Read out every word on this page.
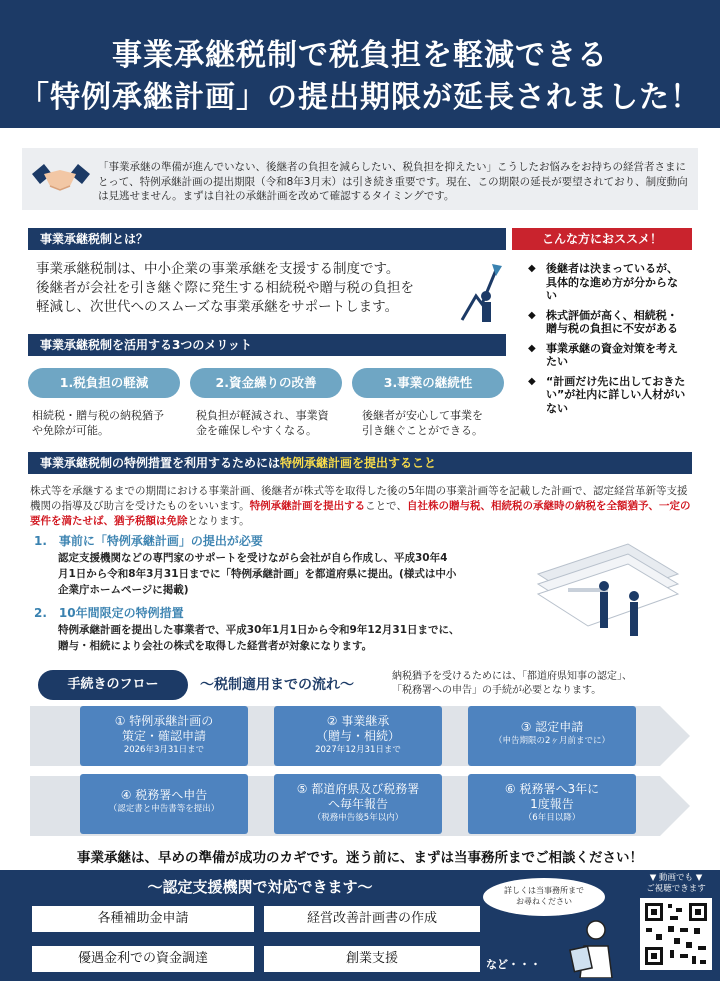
事業承継税制で税負担を軽減できる
「特例承継計画」の提出期限が延長されました！
「事業承継の準備が進んでいない、後継者の負担を減らしたい、税負担を抑えたい」こうしたお悩みをお持ちの経営者さまにとって、特例承継計画の提出期限（令和8年3月末）は引き続き重要です。現在、この期限の延長が要望されており、制度動向は見逃せません。まずは自社の承継計画を改めて確認するタイミングです。
事業承継税制とは？
事業承継税制は、中小企業の事業承継を支援する制度です。
後継者が会社を引き継ぐ際に発生する相続税や贈与税の負担を
軽減し、次世代へのスムーズな事業承継をサポートします。
こんな方におススメ！
◆ 後継者は決まっているが、具体的な進め方が分からない
◆ 株式評価が高く、相続税・贈与税の負担に不安がある
◆ 事業承継の資金対策を考えたい
◆ “計画だけ先に出しておきたい”が社内に詳しい人材がいない
事業承継税制を活用する3つのメリット
1.税負担の軽減	2.資金繰りの改善	3.事業の継続性
相続税・贈与税の納税猶予
や免除が可能。
税負担が軽減され、事業資
金を確保しやすくなる。
後継者が安心して事業を
引き継ぐことができる。
事業承継税制の特例措置を利用するためには特例承継計画を提出すること
株式等を承継するまでの期間における事業計画、後継者が株式等を取得した後の5年間の事業計画等を記載した計画で、認定経営革新等支援機関の指導及び助言を受けたものをいいます。特例承継計画を提出することで、自社株の贈与税、相続税の承継時の納税を全額猶予、一定の要件を満たせば、猶予税額は免除となります。
1.　事前に「特例承継計画」の提出が必要
認定支援機関などの専門家のサポートを受けながら会社が自ら作成し、平成30年4
月1日から令和8年3月31日までに「特例承継計画」を都道府県に提出。(様式は中小
企業庁ホームページに掲載)
2.　10年間限定の特例措置
特例承継計画を提出した事業者で、平成30年1月1日から令和9年12月31日までに、
贈与・相続により会社の株式を取得した経営者が対象になります。
手続きのフロー	～税制適用までの流れ～
納税猶予を受けるためには、「都道府県知事の認定」、
「税務署への申告」の手続が必要となります。
① 特例承継計画の
策定・確認申請
2026年3月31日まで
② 事業継承
（贈与・相続）
2027年12月31日まで
③ 認定申請
（申告期限の2ヶ月前までに）
④ 税務署へ申告
（認定書と申告書等を提出）
⑤ 都道府県及び税務署
へ毎年報告
（税務申告後5年以内）
⑥ 税務署へ3年に
1度報告
（6年目以降）
事業承継は、早めの準備が成功のカギです。迷う前に、まずは当事務所までご相談ください！
～認定支援機関で対応できます～
各種補助金申請	経営改善計画書の作成
優遇金利での資金調達	創業支援
詳しくは当事務所まで
お尋ねください
など・・・
▼ 動画でも ▼
ご視聴できます
